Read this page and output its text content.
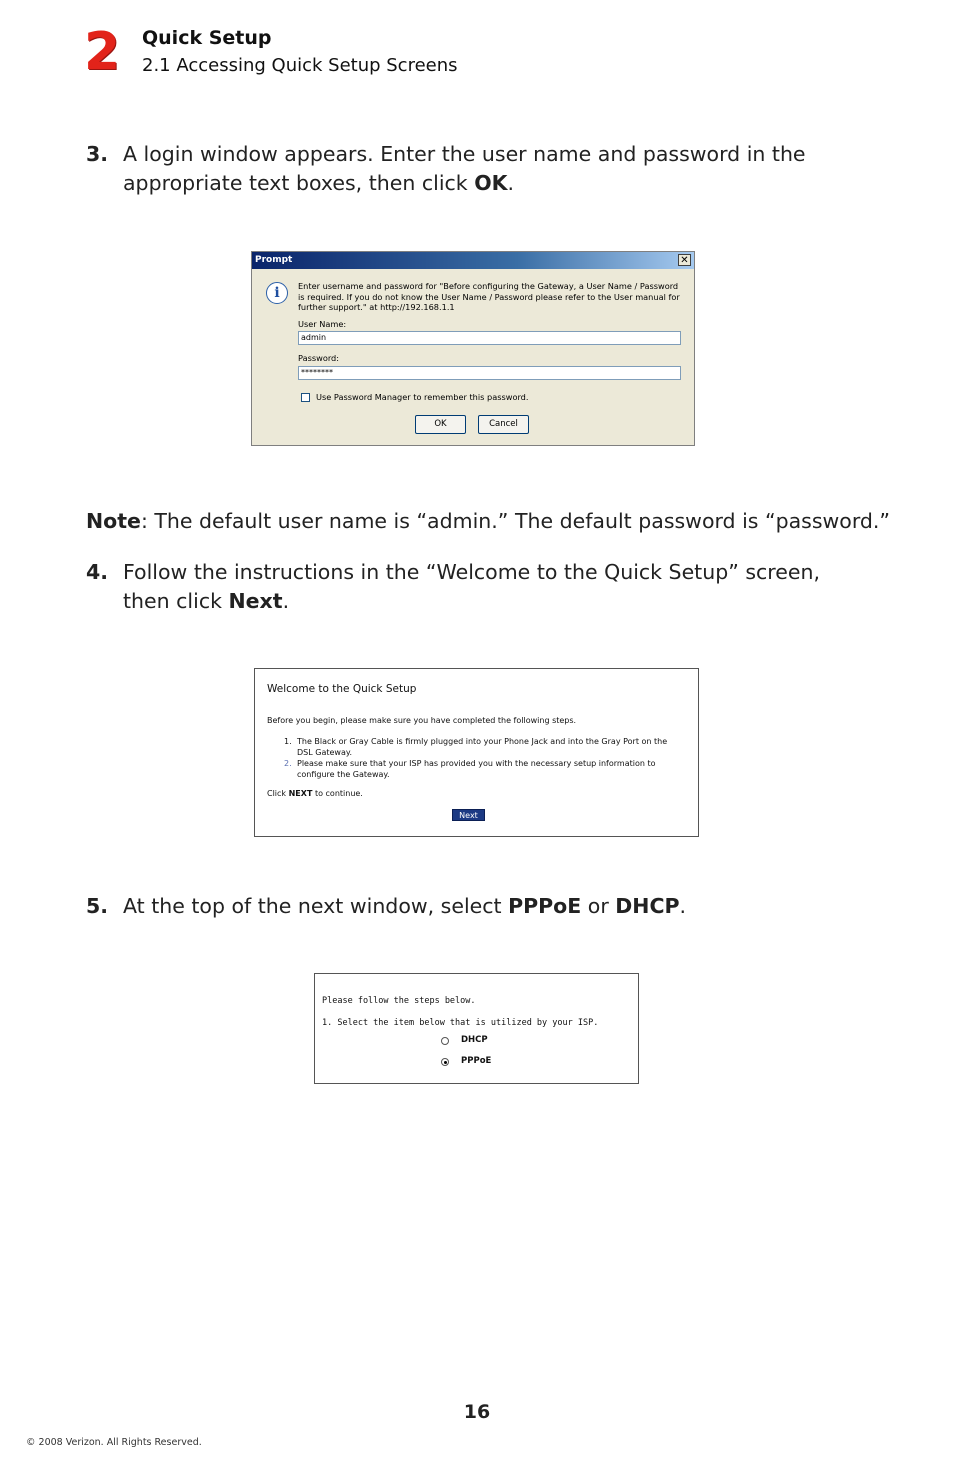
2 Quick Setup
2.1 Accessing Quick Setup Screens
3. A login window appears. Enter the user name and password in the appropriate text boxes, then click OK.
Prompt	✕
i	Enter username and password for "Before configuring the Gateway, a User Name / Password is required. If you do not know the User Name / Password please refer to the User manual for further support." at http://192.168.1.1
User Name:
admin
Password:
********
Use Password Manager to remember this password.
OK	Cancel
Note: The default user name is “admin.” The default password is “password.”
4. Follow the instructions in the “Welcome to the Quick Setup” screen, then click Next.
Welcome to the Quick Setup
Before you begin, please make sure you have completed the following steps.
1. The Black or Gray Cable is firmly plugged into your Phone Jack and into the Gray Port on the DSL Gateway.
2. Please make sure that your ISP has provided you with the necessary setup information to configure the Gateway.
Click NEXT to continue.
Next
5. At the top of the next window, select PPPoE or DHCP.
Please follow the steps below.
1. Select the item below that is utilized by your ISP.
DHCP
PPPoE
16
© 2008 Verizon. All Rights Reserved.
